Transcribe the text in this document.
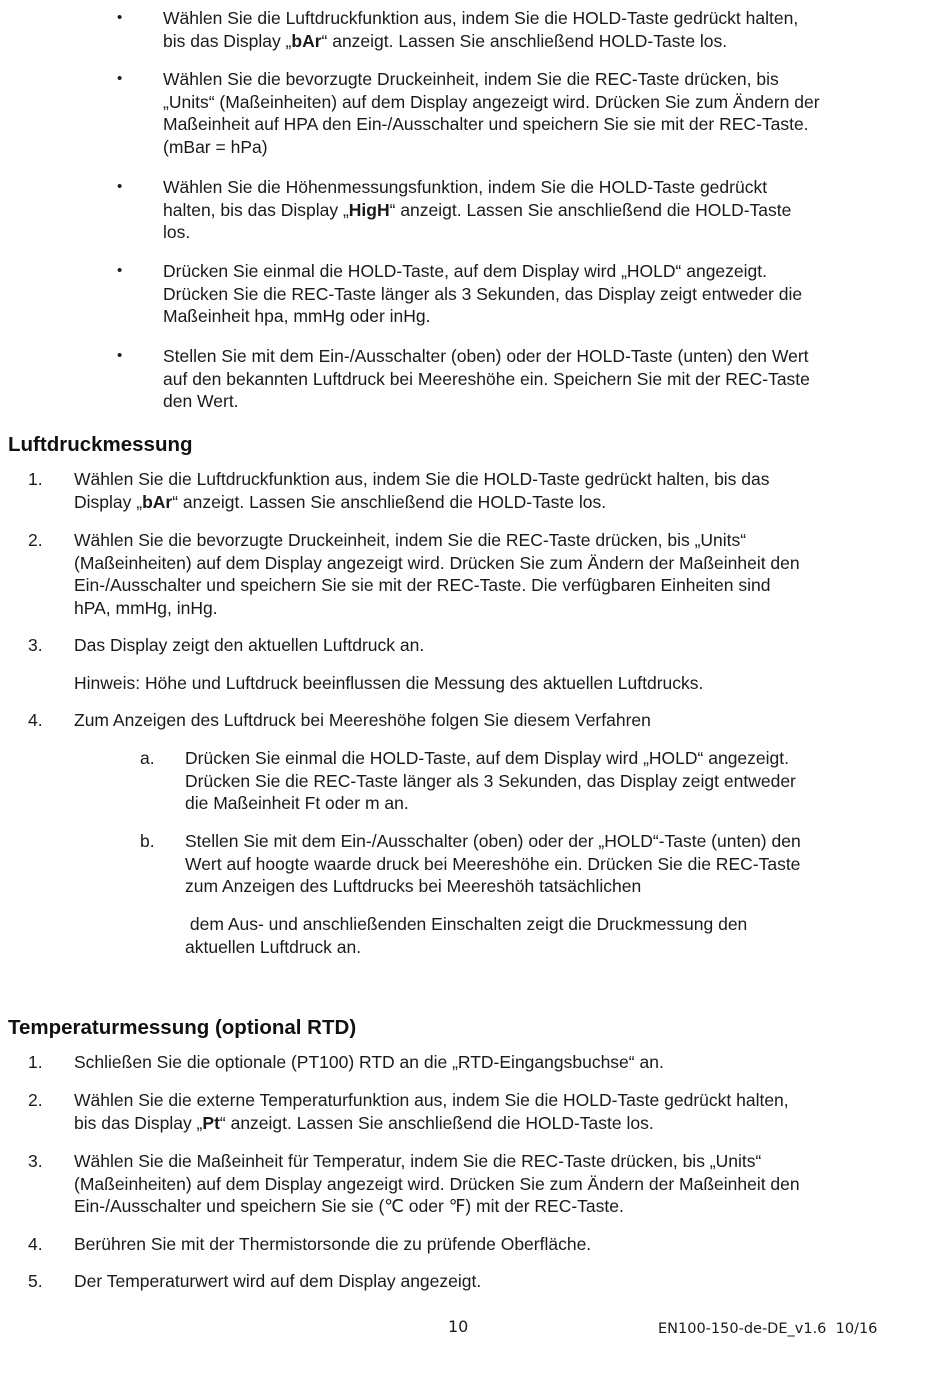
• Wählen Sie die Luftdruckfunktion aus, indem Sie die HOLD-Taste gedrückt halten,
bis das Display „bAr“ anzeigt. Lassen Sie anschließend HOLD-Taste los.
• Wählen Sie die bevorzugte Druckeinheit, indem Sie die REC-Taste drücken, bis
„Units“ (Maßeinheiten) auf dem Display angezeigt wird. Drücken Sie zum Ändern der
Maßeinheit auf HPA den Ein-/Ausschalter und speichern Sie sie mit der REC-Taste.
(mBar = hPa)
• Wählen Sie die Höhenmessungsfunktion, indem Sie die HOLD-Taste gedrückt
halten, bis das Display „HigH“ anzeigt. Lassen Sie anschließend die HOLD-Taste
los.
• Drücken Sie einmal die HOLD-Taste, auf dem Display wird „HOLD“ angezeigt.
Drücken Sie die REC-Taste länger als 3 Sekunden, das Display zeigt entweder die
Maßeinheit hpa, mmHg oder inHg.
• Stellen Sie mit dem Ein-/Ausschalter (oben) oder der HOLD-Taste (unten) den Wert
auf den bekannten Luftdruck bei Meereshöhe ein. Speichern Sie mit der REC-Taste
den Wert.
Luftdruckmessung
1.	Wählen Sie die Luftdruckfunktion aus, indem Sie die HOLD-Taste gedrückt halten, bis das
Display „bAr“ anzeigt. Lassen Sie anschließend die HOLD-Taste los.
2.	Wählen Sie die bevorzugte Druckeinheit, indem Sie die REC-Taste drücken, bis „Units“
(Maßeinheiten) auf dem Display angezeigt wird. Drücken Sie zum Ändern der Maßeinheit den
Ein-/Ausschalter und speichern Sie sie mit der REC-Taste. Die verfügbaren Einheiten sind
hPA, mmHg, inHg.
3.	Das Display zeigt den aktuellen Luftdruck an.
Hinweis: Höhe und Luftdruck beeinflussen die Messung des aktuellen Luftdrucks.
4.	Zum Anzeigen des Luftdruck bei Meereshöhe folgen Sie diesem Verfahren
a.	Drücken Sie einmal die HOLD-Taste, auf dem Display wird „HOLD“ angezeigt.
Drücken Sie die REC-Taste länger als 3 Sekunden, das Display zeigt entweder
die Maßeinheit Ft oder m an.
b.	Stellen Sie mit dem Ein-/Ausschalter (oben) oder der „HOLD“-Taste (unten) den
Wert auf hoogte waarde druck bei Meereshöhe ein. Drücken Sie die REC-Taste
zum Anzeigen des Luftdrucks bei Meereshöh tatsächlichen
dem Aus- und anschließenden Einschalten zeigt die Druckmessung den
aktuellen Luftdruck an.
Temperaturmessung (optional RTD)
1.	Schließen Sie die optionale (PT100) RTD an die „RTD-Eingangsbuchse“ an.
2.	Wählen Sie die externe Temperaturfunktion aus, indem Sie die HOLD-Taste gedrückt halten,
bis das Display „Pt“ anzeigt. Lassen Sie anschließend die HOLD-Taste los.
3.	Wählen Sie die Maßeinheit für Temperatur, indem Sie die REC-Taste drücken, bis „Units“
(Maßeinheiten) auf dem Display angezeigt wird. Drücken Sie zum Ändern der Maßeinheit den
Ein-/Ausschalter und speichern Sie sie (℃ oder ℉) mit der REC-Taste.
4.	Berühren Sie mit der Thermistorsonde die zu prüfende Oberfläche.
5.	Der Temperaturwert wird auf dem Display angezeigt.
10	EN100-150-de-DE_v1.6  10/16
